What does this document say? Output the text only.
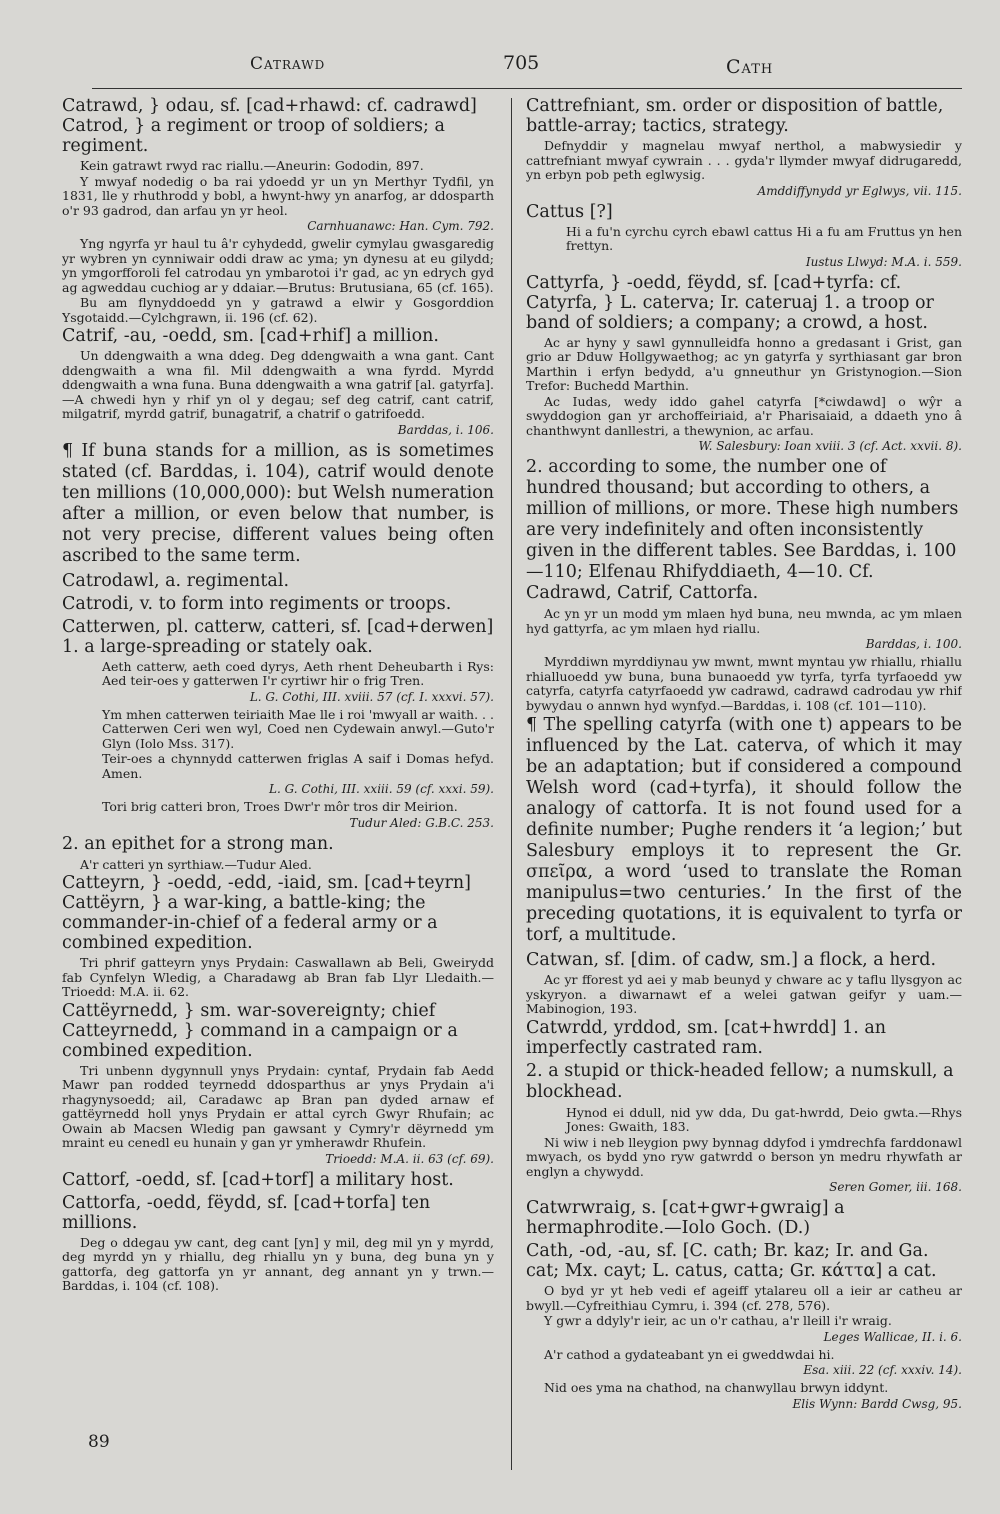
Catrawd	705	Cath
Catrawd, } odau, sf. [cad+rhawd: cf. cadrawd] Catrod, } a regiment or troop of soldiers; a regiment.
Kein gatrawt rwyd rac riallu.—Aneurin: Gododin, 897.
Y mwyaf nodedig o ba rai ydoedd yr un yn Merthyr Tydfil, yn 1831, lle y rhuthrodd y bobl, a hwynt-hwy yn anarfog, ar ddosparth o'r 93 gadrod, dan arfau yn yr heol.
Carnhuanawc: Han. Cym. 792.
Yng ngyrfa yr haul tu â'r cyhydedd, gwelir cymylau gwasgaredig yr wybren yn cynniwair oddi draw ac yma; yn dynesu at eu gilydd; yn ymgorfforoli fel catrodau yn ymbarotoi i'r gad, ac yn edrych gyd ag agweddau cuchiog ar y ddaiar.—Brutus: Brutusiana, 65 (cf. 165).
Bu am flynyddoedd yn y gatrawd a elwir y Gosgorddion Ysgotaidd.—Cylchgrawn, ii. 196 (cf. 62).
Catrif, -au, -oedd, sm. [cad+rhif] a million.
Un ddengwaith a wna ddeg. Deg ddengwaith a wna gant. Cant ddengwaith a wna fil. Mil ddengwaith a wna fyrdd. Myrdd ddengwaith a wna funa. Buna ddengwaith a wna gatrif [al. gatyrfa].—A chwedi hyn y rhif yn ol y degau; sef deg catrif, cant catrif, milgatrif, myrdd gatrif, bunagatrif, a chatrif o gatrifoedd.
Barddas, i. 106.
¶ If buna stands for a million, as is sometimes stated (cf. Barddas, i. 104), catrif would denote ten millions (10,000,000): but Welsh numeration after a million, or even below that number, is not very precise, different values being often ascribed to the same term.
Catrodawl, a. regimental.
Catrodi, v. to form into regiments or troops.
Catterwen, pl. catterw, catteri, sf. [cad+derwen] 1. a large-spreading or stately oak.
Aeth catterw, aeth coed dyrys, Aeth rhent Deheubarth i Rys: Aed teir-oes y gatterwen I'r cyrtiwr hir o frig Tren.
L. G. Cothi, III. xviii. 57 (cf. I. xxxvi. 57).
Ym mhen catterwen teiriaith Mae lle i roi 'mwyall ar waith. . . Catterwen Ceri wen wyl, Coed nen Cydewain anwyl.—Guto'r Glyn (Iolo Mss. 317).
Teir-oes a chynnydd catterwen friglas A saif i Domas hefyd. Amen.
L. G. Cothi, III. xxiii. 59 (cf. xxxi. 59).
Tori brig catteri bron, Troes Dwr'r môr tros dir Meirion.
Tudur Aled: G.B.C. 253.
2. an epithet for a strong man.
A'r catteri yn syrthiaw.—Tudur Aled.
Catteyrn, } -oedd, -edd, -iaid, sm. [cad+teyrn] Cattëyrn, } a war-king, a battle-king; the commander-in-chief of a federal army or a combined expedition.
Tri phrif gatteyrn ynys Prydain: Caswallawn ab Beli, Gweirydd fab Cynfelyn Wledig, a Charadawg ab Bran fab Llyr Lledaith.—Trioedd: M.A. ii. 62.
Cattëyrnedd, } sm. war-sovereignty; chief Catteyrnedd, } command in a campaign or a combined expedition.
Tri unbenn dygynnull ynys Prydain: cyntaf, Prydain fab Aedd Mawr pan rodded teyrnedd ddosparthus ar ynys Prydain a'i rhagynysoedd; ail, Caradawc ap Bran pan dyded arnaw ef gattëyrnedd holl ynys Prydain er attal cyrch Gwyr Rhufain; ac Owain ab Macsen Wledig pan gawsant y Cymry'r dëyrnedd ym mraint eu cenedl eu hunain y gan yr ymherawdr Rhufein.
Trioedd: M.A. ii. 63 (cf. 69).
Cattorf, -oedd, sf. [cad+torf] a military host.
Cattorfa, -oedd, fëydd, sf. [cad+torfa] ten millions.
Deg o ddegau yw cant, deg cant [yn] y mil, deg mil yn y myrdd, deg myrdd yn y rhiallu, deg rhiallu yn y buna, deg buna yn y gattorfa, deg gattorfa yn yr annant, deg annant yn y trwn.—Barddas, i. 104 (cf. 108).
Cattrefniant, sm. order or disposition of battle, battle-array; tactics, strategy.
Defnyddir y magnelau mwyaf nerthol, a mabwysiedir y cattrefniant mwyaf cywrain . . . gyda'r llymder mwyaf didrugaredd, yn erbyn pob peth eglwysig.
Amddiffynydd yr Eglwys, vii. 115.
Cattus [?]
Hi a fu'n cyrchu cyrch ebawl cattus Hi a fu am Fruttus yn hen frettyn.
Iustus Llwyd: M.A. i. 559.
Cattyrfa, } -oedd, fëydd, sf. [cad+tyrfa: cf. Catyrfa, } L. caterva; Ir. cateruaj 1. a troop or band of soldiers; a company; a crowd, a host.
Ac ar hyny y sawl gynnulleidfa honno a gredasant i Grist, gan grio ar Dduw Hollgywaethog; ac yn gatyrfa y syrthiasant gar bron Marthin i erfyn bedydd, a'u gnneuthur yn Gristynogion.—Sion Trefor: Buchedd Marthin.
Ac Iudas, wedy iddo gahel catyrfa [*ciwdawd] o wŷr a swyddogion gan yr archoffeiriaid, a'r Pharisaiaid, a ddaeth yno â chanthwynt danllestri, a thewynion, ac arfau.
W. Salesbury: Ioan xviii. 3 (cf. Act. xxvii. 8).
2. according to some, the number one of hundred thousand; but according to others, a million of millions, or more. These high numbers are very indefinitely and often inconsistently given in the different tables. See Barddas, i. 100—110; Elfenau Rhifyddiaeth, 4—10. Cf. Cadrawd, Catrif, Cattorfa.
Ac yn yr un modd ym mlaen hyd buna, neu mwnda, ac ym mlaen hyd gattyrfa, ac ym mlaen hyd riallu.
Barddas, i. 100.
Myrddiwn myrddiynau yw mwnt, mwnt myntau yw rhiallu, rhiallu rhialluoedd yw buna, buna bunaoedd yw tyrfa, tyrfa tyrfaoedd yw catyrfa, catyrfa catyrfaoedd yw cadrawd, cadrawd cadrodau yw rhif bywydau o annwn hyd wynfyd.—Barddas, i. 108 (cf. 101—110).
¶ The spelling catyrfa (with one t) appears to be influenced by the Lat. caterva, of which it may be an adaptation; but if considered a compound Welsh word (cad+tyrfa), it should follow the analogy of cattorfa. It is not found used for a definite number; Pughe renders it ‘a legion;’ but Salesbury employs it to represent the Gr. σπεῖρα, a word ‘used to translate the Roman manipulus=two centuries.’ In the first of the preceding quotations, it is equivalent to tyrfa or torf, a multitude.
Catwan, sf. [dim. of cadw, sm.] a flock, a herd.
Ac yr fforest yd aei y mab beunyd y chware ac y taflu llysgyon ac yskyryon. a diwarnawt ef a welei gatwan geifyr y uam.—Mabinogion, 193.
Catwrdd, yrddod, sm. [cat+hwrdd] 1. an imperfectly castrated ram.
2. a stupid or thick-headed fellow; a numskull, a blockhead.
Hynod ei ddull, nid yw dda, Du gat-hwrdd, Deio gwta.—Rhys Jones: Gwaith, 183.
Ni wiw i neb lleygion pwy bynnag ddyfod i ymdrechfa farddonawl mwyach, os bydd yno ryw gatwrdd o berson yn medru rhywfath ar englyn a chywydd.
Seren Gomer, iii. 168.
Catwrwraig, s. [cat+gwr+gwraig] a hermaphrodite.—Iolo Goch. (D.)
Cath, -od, -au, sf. [C. cath; Br. kaz; Ir. and Ga. cat; Mx. cayt; L. catus, catta; Gr. κάττα] a cat.
O byd yr yt heb vedi ef ageiff ytalareu oll a ieir ar catheu ar bwyll.—Cyfreithiau Cymru, i. 394 (cf. 278, 576).
Y gwr a ddyly'r ieir, ac un o'r cathau, a'r lleill i'r wraig.
Leges Wallicae, II. i. 6.
A'r cathod a gydateabant yn ei gweddwdai hi.
Esa. xiii. 22 (cf. xxxiv. 14).
Nid oes yma na chathod, na chanwyllau brwyn iddynt.
Elis Wynn: Bardd Cwsg, 95.
89
